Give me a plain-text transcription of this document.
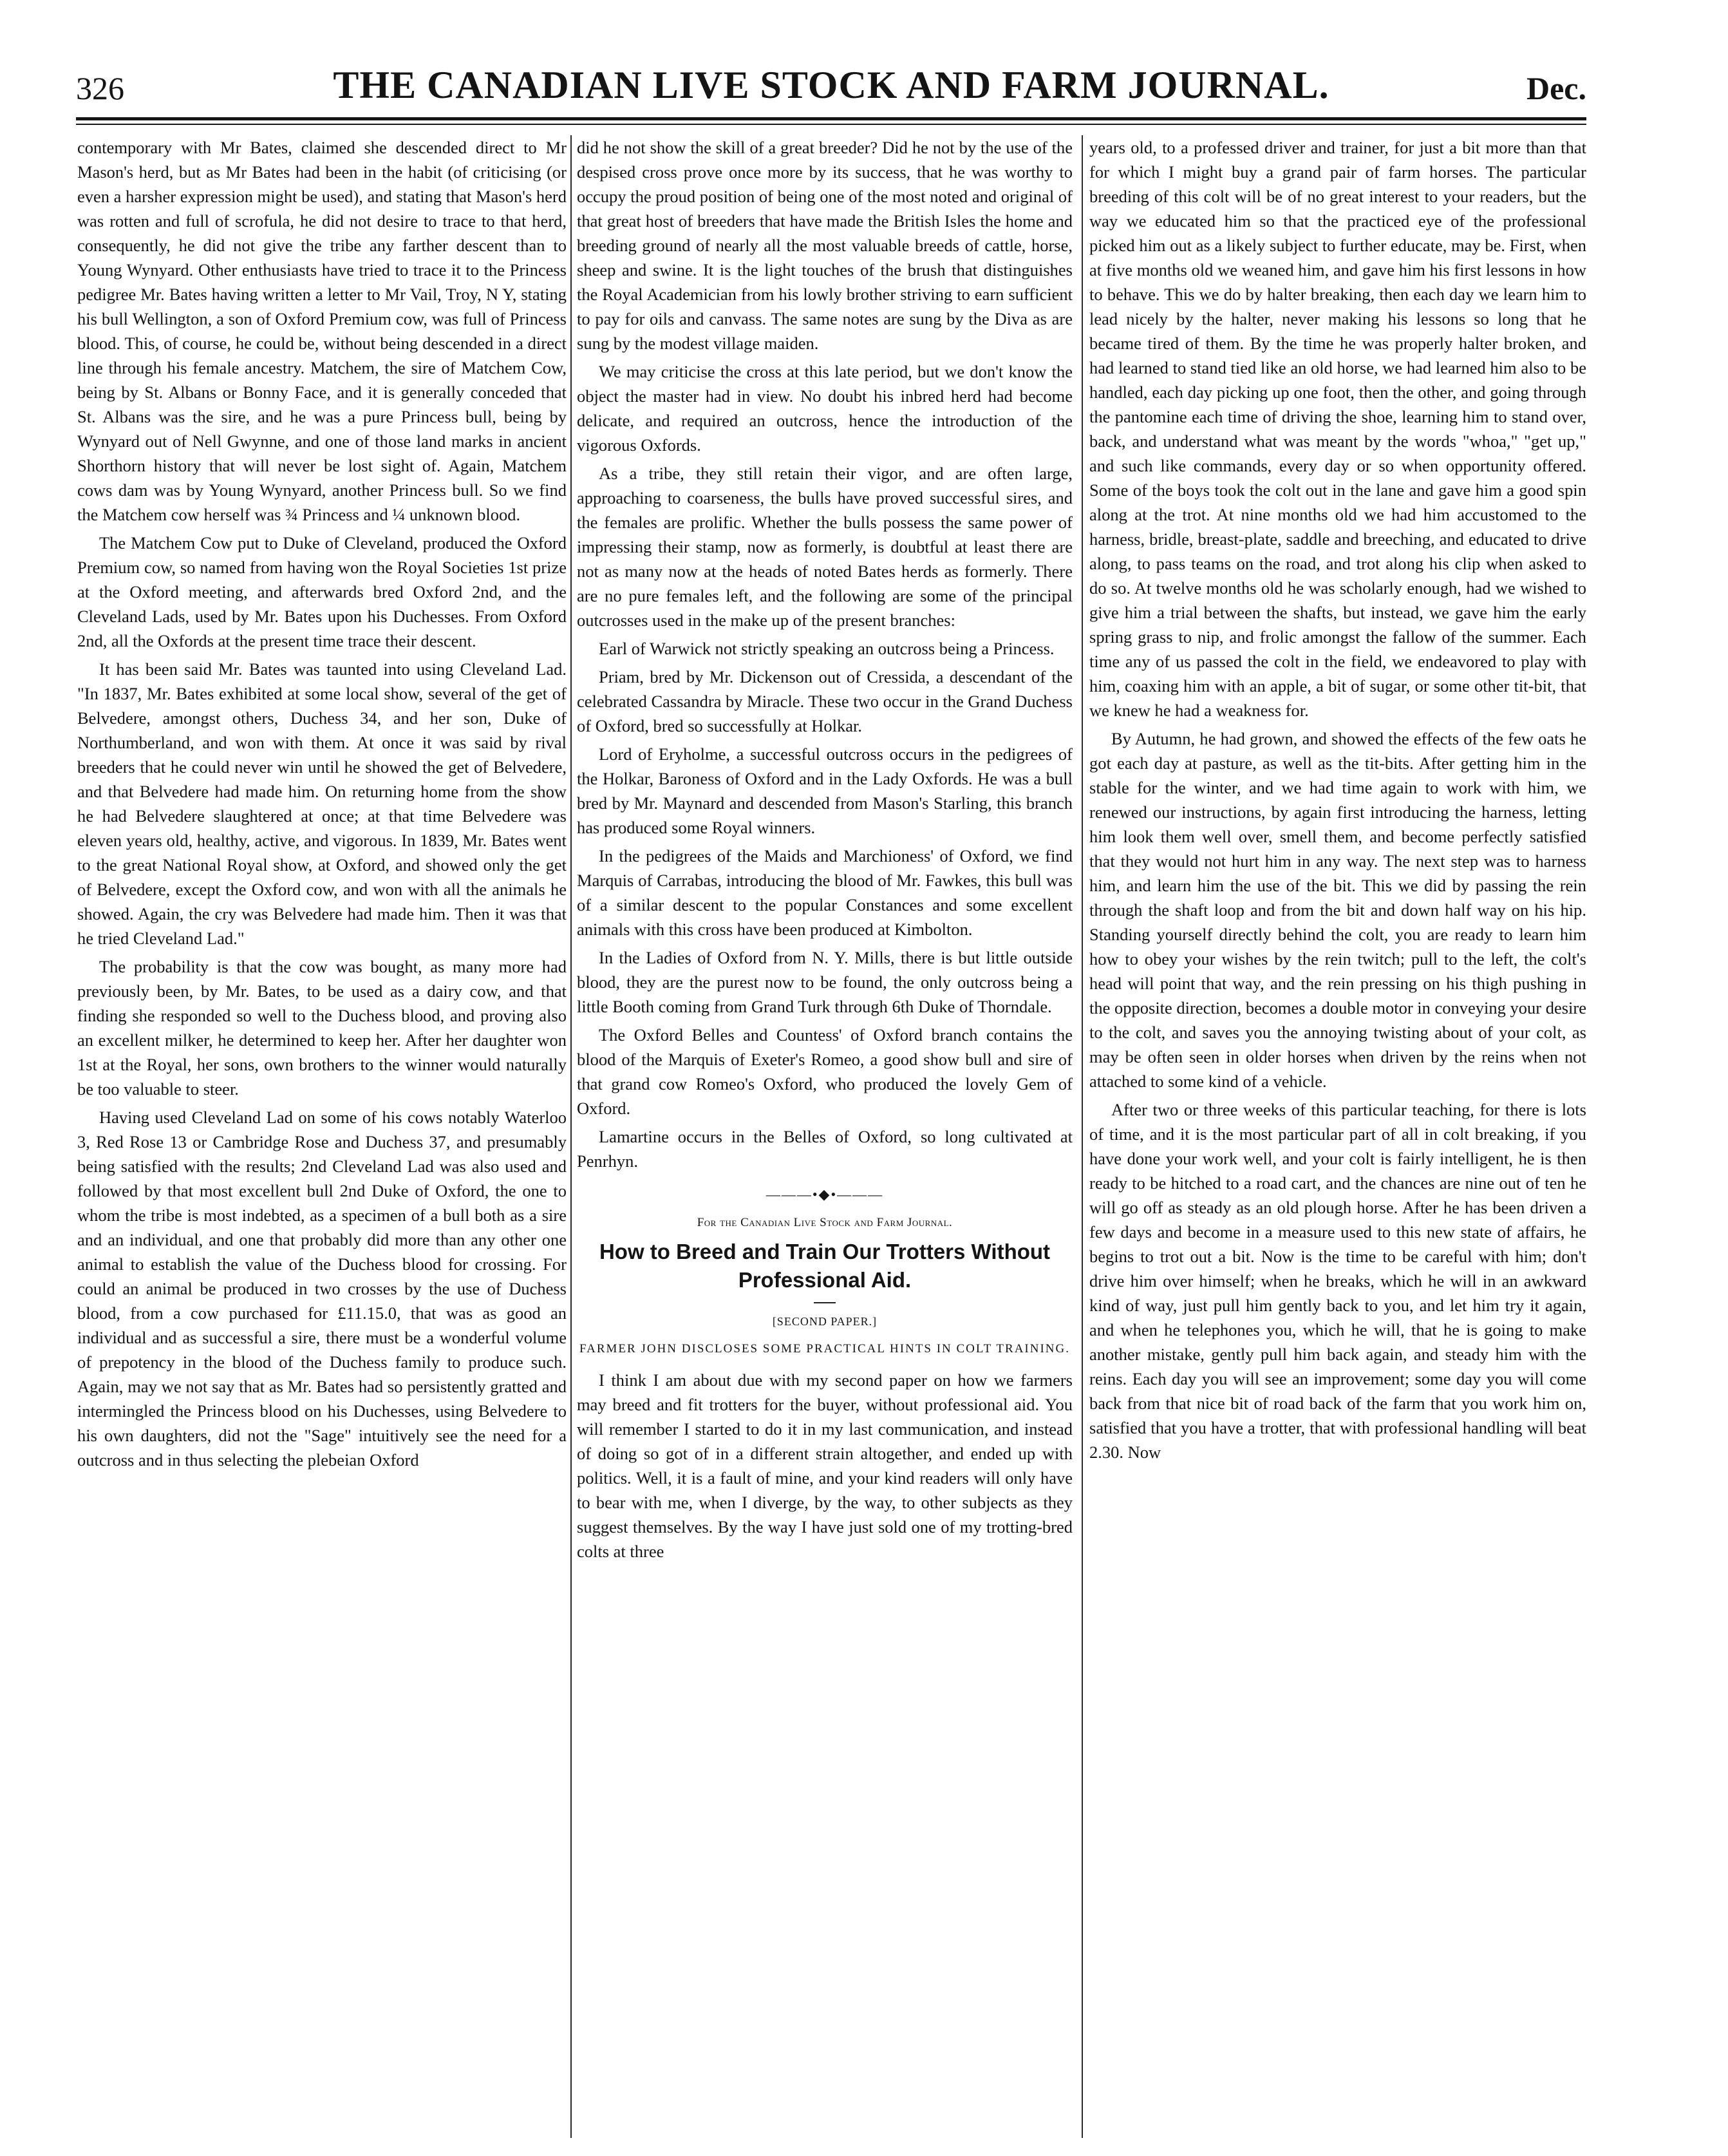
326	THE CANADIAN LIVE STOCK AND FARM JOURNAL.	Dec.

contemporary with Mr Bates, claimed she descended direct to Mr Mason's herd, but as Mr Bates had been in the habit (of criticising (or even a harsher expression might be used), and stating that Mason's herd was rotten and full of scrofula, he did not desire to trace to that herd, consequently, he did not give the tribe any farther descent than to Young Wynyard. Other enthusiasts have tried to trace it to the Princess pedigree Mr. Bates having written a letter to Mr Vail, Troy, N Y, stating his bull Wellington, a son of Oxford Premium cow, was full of Princess blood. This, of course, he could be, without being descended in a direct line through his female ancestry. Matchem, the sire of Matchem Cow, being by St. Albans or Bonny Face, and it is generally conceded that St. Albans was the sire, and he was a pure Princess bull, being by Wynyard out of Nell Gwynne, and one of those land marks in ancient Shorthorn history that will never be lost sight of. Again, Matchem cows dam was by Young Wynyard, another Princess bull. So we find the Matchem cow herself was ¾ Princess and ¼ unknown blood.

The Matchem Cow put to Duke of Cleveland, produced the Oxford Premium cow, so named from having won the Royal Societies 1st prize at the Oxford meeting, and afterwards bred Oxford 2nd, and the Cleveland Lads, used by Mr. Bates upon his Duchesses. From Oxford 2nd, all the Oxfords at the present time trace their descent.

It has been said Mr. Bates was taunted into using Cleveland Lad. "In 1837, Mr. Bates exhibited at some local show, several of the get of Belvedere, amongst others, Duchess 34, and her son, Duke of Northumberland, and won with them. At once it was said by rival breeders that he could never win until he showed the get of Belvedere, and that Belvedere had made him. On returning home from the show he had Belvedere slaughtered at once; at that time Belvedere was eleven years old, healthy, active, and vigorous. In 1839, Mr. Bates went to the great National Royal show, at Oxford, and showed only the get of Belvedere, except the Oxford cow, and won with all the animals he showed. Again, the cry was Belvedere had made him. Then it was that he tried Cleveland Lad."

The probability is that the cow was bought, as many more had previously been, by Mr. Bates, to be used as a dairy cow, and that finding she responded so well to the Duchess blood, and proving also an excellent milker, he determined to keep her. After her daughter won 1st at the Royal, her sons, own brothers to the winner would naturally be too valuable to steer.

Having used Cleveland Lad on some of his cows notably Waterloo 3, Red Rose 13 or Cambridge Rose and Duchess 37, and presumably being satisfied with the results; 2nd Cleveland Lad was also used and followed by that most excellent bull 2nd Duke of Oxford, the one to whom the tribe is most indebted, as a specimen of a bull both as a sire and an individual, and one that probably did more than any other one animal to establish the value of the Duchess blood for crossing. For could an animal be produced in two crosses by the use of Duchess blood, from a cow purchased for £11.15.0, that was as good an individual and as successful a sire, there must be a wonderful volume of prepotency in the blood of the Duchess family to produce such. Again, may we not say that as Mr. Bates had so persistently gratted and intermingled the Princess blood on his Duchesses, using Belvedere to his own daughters, did not the "Sage" intuitively see the need for a outcross and in thus selecting the plebeian Oxford

did he not show the skill of a great breeder? Did he not by the use of the despised cross prove once more by its success, that he was worthy to occupy the proud position of being one of the most noted and original of that great host of breeders that have made the British Isles the home and breeding ground of nearly all the most valuable breeds of cattle, horse, sheep and swine. It is the light touches of the brush that distinguishes the Royal Academician from his lowly brother striving to earn sufficient to pay for oils and canvass. The same notes are sung by the Diva as are sung by the modest village maiden.

We may criticise the cross at this late period, but we don't know the object the master had in view. No doubt his inbred herd had become delicate, and required an outcross, hence the introduction of the vigorous Oxfords.

As a tribe, they still retain their vigor, and are often large, approaching to coarseness, the bulls have proved successful sires, and the females are prolific. Whether the bulls possess the same power of impressing their stamp, now as formerly, is doubtful at least there are not as many now at the heads of noted Bates herds as formerly. There are no pure females left, and the following are some of the principal outcrosses used in the make up of the present branches:

Earl of Warwick not strictly speaking an outcross being a Princess.

Priam, bred by Mr. Dickenson out of Cressida, a descendant of the celebrated Cassandra by Miracle. These two occur in the Grand Duchess of Oxford, bred so successfully at Holkar.

Lord of Eryholme, a successful outcross occurs in the pedigrees of the Holkar, Baroness of Oxford and in the Lady Oxfords. He was a bull bred by Mr. Maynard and descended from Mason's Starling, this branch has produced some Royal winners.

In the pedigrees of the Maids and Marchioness' of Oxford, we find Marquis of Carrabas, introducing the blood of Mr. Fawkes, this bull was of a similar descent to the popular Constances and some excellent animals with this cross have been produced at Kimbolton.

In the Ladies of Oxford from N. Y. Mills, there is but little outside blood, they are the purest now to be found, the only outcross being a little Booth coming from Grand Turk through 6th Duke of Thorndale.

The Oxford Belles and Countess' of Oxford branch contains the blood of the Marquis of Exeter's Romeo, a good show bull and sire of that grand cow Romeo's Oxford, who produced the lovely Gem of Oxford.

Lamartine occurs in the Belles of Oxford, so long cultivated at Penrhyn.

———•◆•———
For the Canadian Live Stock and Farm Journal.
How to Breed and Train Our Trotters Without Professional Aid.
[SECOND PAPER.]
FARMER JOHN DISCLOSES SOME PRACTICAL HINTS IN COLT TRAINING.

I think I am about due with my second paper on how we farmers may breed and fit trotters for the buyer, without professional aid. You will remember I started to do it in my last communication, and instead of doing so got of in a different strain altogether, and ended up with politics. Well, it is a fault of mine, and your kind readers will only have to bear with me, when I diverge, by the way, to other subjects as they suggest themselves. By the way I have just sold one of my trotting-bred colts at three

years old, to a professed driver and trainer, for just a bit more than that for which I might buy a grand pair of farm horses. The particular breeding of this colt will be of no great interest to your readers, but the way we educated him so that the practiced eye of the professional picked him out as a likely subject to further educate, may be. First, when at five months old we weaned him, and gave him his first lessons in how to behave. This we do by halter breaking, then each day we learn him to lead nicely by the halter, never making his lessons so long that he became tired of them. By the time he was properly halter broken, and had learned to stand tied like an old horse, we had learned him also to be handled, each day picking up one foot, then the other, and going through the pantomine each time of driving the shoe, learning him to stand over, back, and understand what was meant by the words "whoa," "get up," and such like commands, every day or so when opportunity offered. Some of the boys took the colt out in the lane and gave him a good spin along at the trot. At nine months old we had him accustomed to the harness, bridle, breast-plate, saddle and breeching, and educated to drive along, to pass teams on the road, and trot along his clip when asked to do so. At twelve months old he was scholarly enough, had we wished to give him a trial between the shafts, but instead, we gave him the early spring grass to nip, and frolic amongst the fallow of the summer. Each time any of us passed the colt in the field, we endeavored to play with him, coaxing him with an apple, a bit of sugar, or some other tit-bit, that we knew he had a weakness for.

By Autumn, he had grown, and showed the effects of the few oats he got each day at pasture, as well as the tit-bits. After getting him in the stable for the winter, and we had time again to work with him, we renewed our instructions, by again first introducing the harness, letting him look them well over, smell them, and become perfectly satisfied that they would not hurt him in any way. The next step was to harness him, and learn him the use of the bit. This we did by passing the rein through the shaft loop and from the bit and down half way on his hip. Standing yourself directly behind the colt, you are ready to learn him how to obey your wishes by the rein twitch; pull to the left, the colt's head will point that way, and the rein pressing on his thigh pushing in the opposite direction, becomes a double motor in conveying your desire to the colt, and saves you the annoying twisting about of your colt, as may be often seen in older horses when driven by the reins when not attached to some kind of a vehicle.

After two or three weeks of this particular teaching, for there is lots of time, and it is the most particular part of all in colt breaking, if you have done your work well, and your colt is fairly intelligent, he is then ready to be hitched to a road cart, and the chances are nine out of ten he will go off as steady as an old plough horse. After he has been driven a few days and become in a measure used to this new state of affairs, he begins to trot out a bit. Now is the time to be careful with him; don't drive him over himself; when he breaks, which he will in an awkward kind of way, just pull him gently back to you, and let him try it again, and when he telephones you, which he will, that he is going to make another mistake, gently pull him back again, and steady him with the reins. Each day you will see an improvement; some day you will come back from that nice bit of road back of the farm that you work him on, satisfied that you have a trotter, that with professional handling will beat 2.30. Now
